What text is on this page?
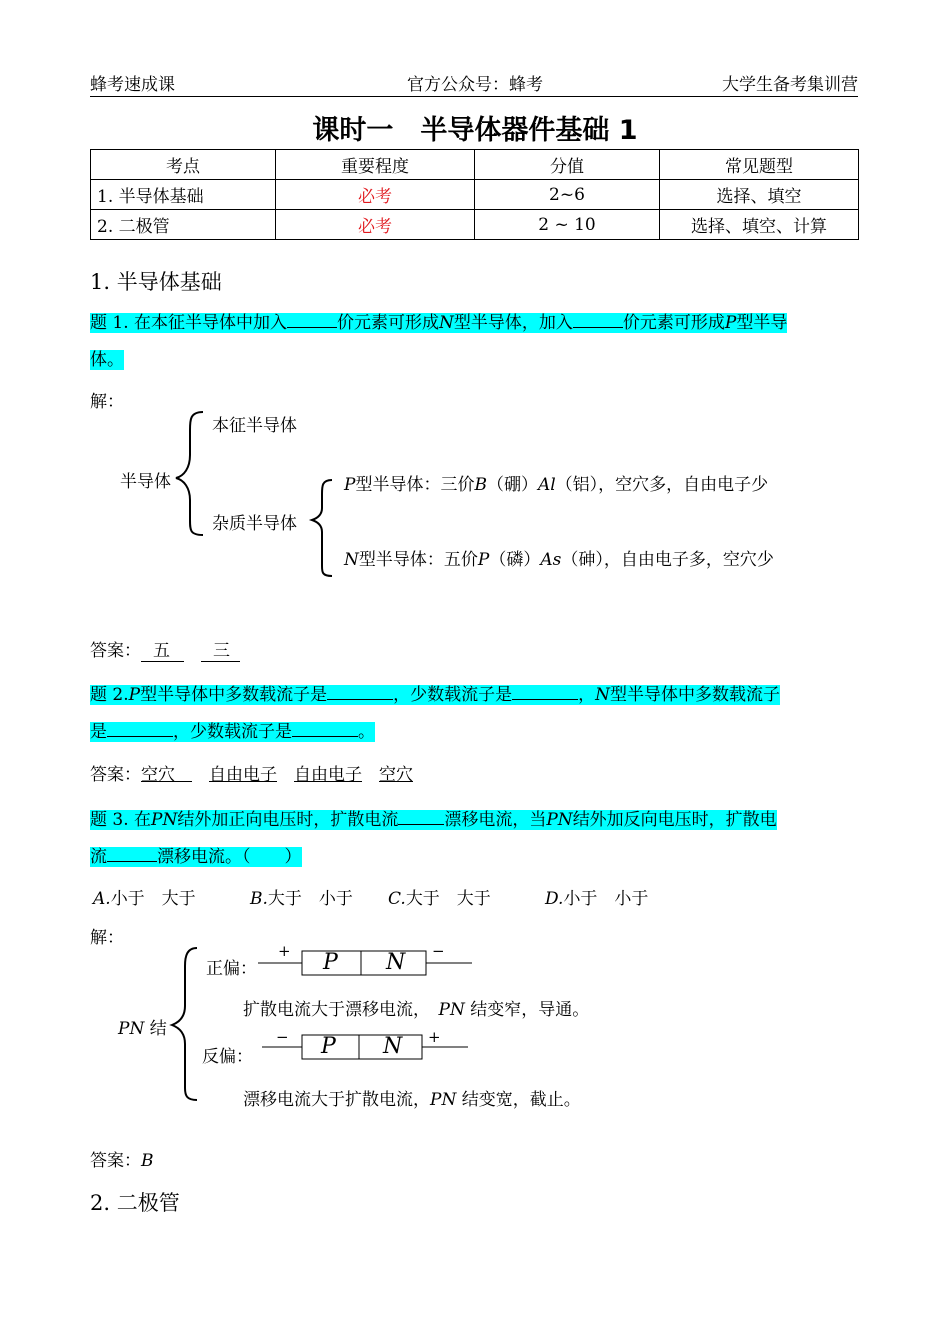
蜂考速成课	官方公众号：蜂考	大学生备考集训营
课时一　半导体器件基础 1
考点	重要程度	分值	常见题型
1. 半导体基础	必考	2~6	选择、填空
2. 二极管	必考	2 ~ 10	选择、填空、计算
1. 半导体基础
题 1. 在本征半导体中加入	价元素可形成N型半导体，加入	价元素可形成P型半导
体。
解：
半导体
本征半导体
杂质半导体
P型半导体：三价B（硼）Al（铝），空穴多，自由电子少
N型半导体：五价P（磷）As（砷），自由电子多，空穴少
答案： 五　	三
题 2.P型半导体中多数载流子是	，少数载流子是	，N型半导体中多数载流子
是	，少数载流子是	。
答案：空穴　　 自由电子　 自由电子　 空穴
题 3. 在PN结外加正向电压时，扩散电流	漂移电流，当PN结外加反向电压时，扩散电
流	漂移电流。（　　）
A.小于　大于	B.大于　小于 C.大于　大于	D.小于　小于
解：
PN 结
正偏：
反偏：
扩散电流大于漂移电流，　 PN 结变窄，导通。
漂移电流大于扩散电流，PN 结变宽，截止。
P N
+	−
P N
−	+
答案：B
2. 二极管
